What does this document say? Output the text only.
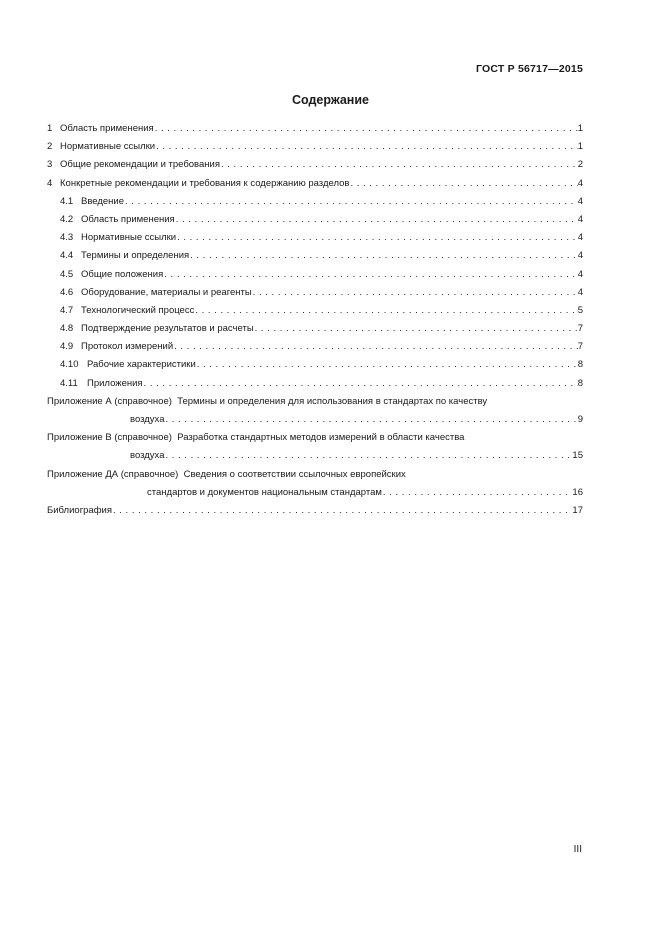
ГОСТ Р 56717—2015
Содержание
1 Область применения . . .	1
2 Нормативные ссылки . . .	1
3 Общие рекомендации и требования . . .	2
4 Конкретные рекомендации и требования к содержанию разделов . . .	4
4.1 Введение . . .	4
4.2 Область применения . . .	4
4.3 Нормативные ссылки . . .	4
4.4 Термины и определения . . .	4
4.5 Общие положения . . .	4
4.6 Оборудование, материалы и реагенты . . .	4
4.7 Технологический процесс . . .	5
4.8 Подтверждение результатов и расчеты . . .	7
4.9 Протокол измерений . . .	7
4.10 Рабочие характеристики . . .	8
4.11 Приложения . . .	8
Приложение А (справочное) Термины и определения для использования в стандартах по качеству
воздуха . . .	9
Приложение В (справочное) Разработка стандартных методов измерений в области качества
воздуха . . .	15
Приложение ДА (справочное) Сведения о соответствии ссылочных европейских
стандартов и документов национальным стандартам . . .	16
Библиография . . .	17
III
